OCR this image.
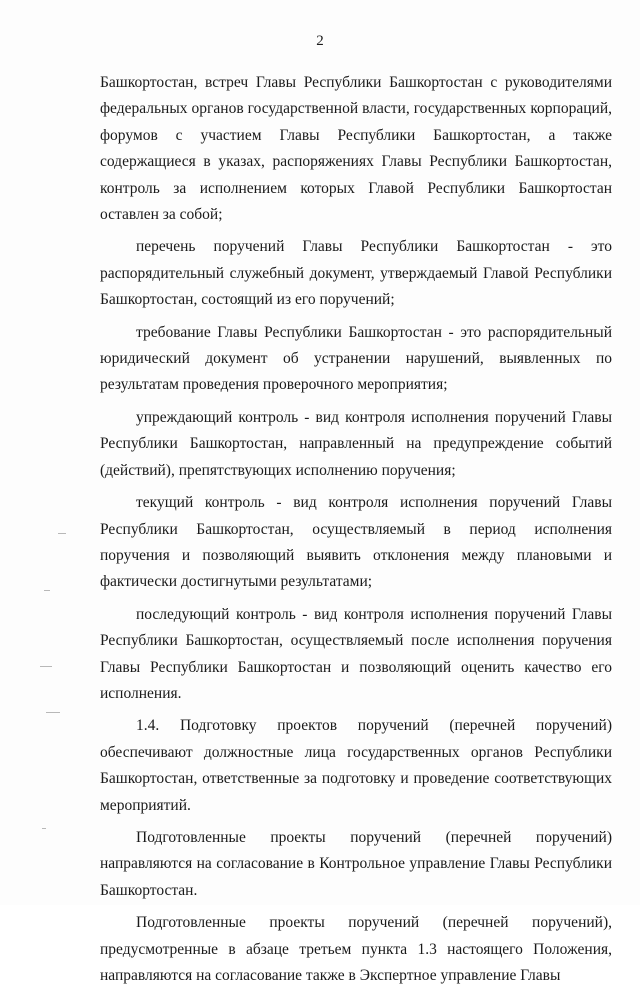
2

Башкортостан, встреч Главы Республики Башкортостан с руководителями федеральных органов государственной власти, государственных корпораций, форумов с участием Главы Республики Башкортостан, а также содержащиеся в указах, распоряжениях Главы Республики Башкортостан, контроль за исполнением которых Главой Республики Башкортостан оставлен за собой;

перечень поручений Главы Республики Башкортостан - это распорядительный служебный документ, утверждаемый Главой Республики Башкортостан, состоящий из его поручений;

требование Главы Республики Башкортостан - это распорядительный юридический документ об устранении нарушений, выявленных по результатам проведения проверочного мероприятия;

упреждающий контроль - вид контроля исполнения поручений Главы Республики Башкортостан, направленный на предупреждение событий (действий), препятствующих исполнению поручения;

текущий контроль - вид контроля исполнения поручений Главы Республики Башкортостан, осуществляемый в период исполнения поручения и позволяющий выявить отклонения между плановыми и фактически достигнутыми результатами;

последующий контроль - вид контроля исполнения поручений Главы Республики Башкортостан, осуществляемый после исполнения поручения Главы Республики Башкортостан и позволяющий оценить качество его исполнения.

1.4. Подготовку проектов поручений (перечней поручений) обеспечивают должностные лица государственных органов Республики Башкортостан, ответственные за подготовку и проведение соответствующих мероприятий.

Подготовленные проекты поручений (перечней поручений) направляются на согласование в Контрольное управление Главы Республики Башкортостан.

Подготовленные проекты поручений (перечней поручений), предусмотренные в абзаце третьем пункта 1.3 настоящего Положения, направляются на согласование также в Экспертное управление Главы
